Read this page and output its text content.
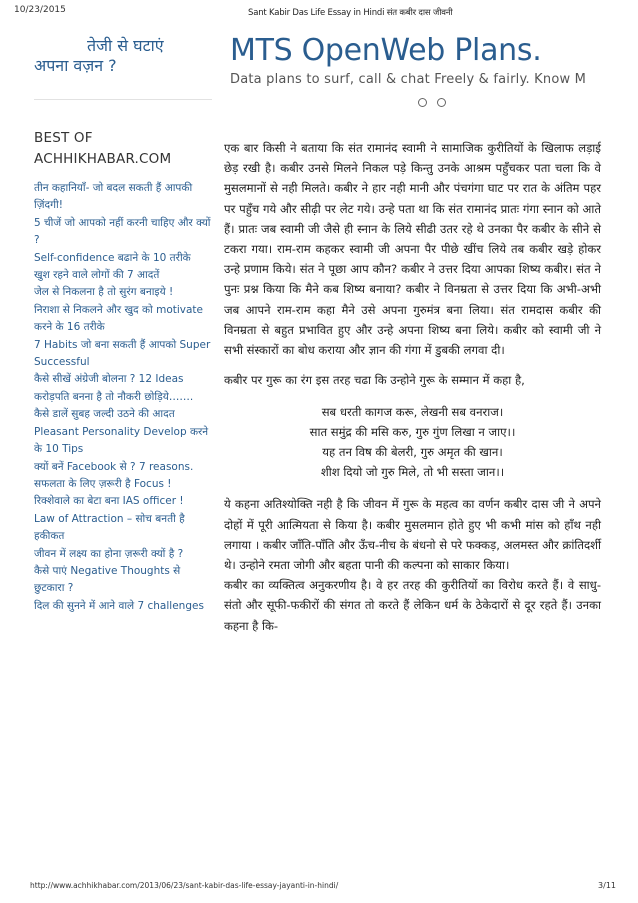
10/23/2015	Sant Kabir Das Life Essay in Hindi संत कबीर दास जीवनी
तेजी से घटाएं
अपना वज़न ?	MTS OpenWeb Plans.
Data plans to surf, call & chat Freely & fairly. Know M
BEST OF
ACHHIKHABAR.COM
तीन कहानियाँ- जो बदल सकती हैं आपकी ज़िंदगी!
5 चीजें जो आपको नहीं करनी चाहिए और क्यों ?
Self-confidence बढाने के 10 तरीके
खुश रहने वाले लोगों की 7 आदतें
जेल से निकलना है तो सुरंग बनाइये !
निराशा से निकलने और खुद को motivate करने के 16 तरीके
7 Habits जो बना सकती हैं आपको Super Successful
कैसे सीखें अंग्रेजी बोलना ? 12 Ideas
करोड़पति बनना है तो नौकरी छोड़िये…….
कैसे डालें सुबह जल्दी उठने की आदत
Pleasant Personality Develop करने के 10 Tips
क्यों बनें Facebook से ? 7 reasons.
सफलता के लिए ज़रूरी है Focus !
रिक्शेवाले का बेटा बना IAS officer !
Law of Attraction – सोच बनती है हकीकत
जीवन में लक्ष्य का होना ज़रूरी क्यों है ?
कैसे पाएं Negative Thoughts से छुटकारा ?
दिल की सुनने में आने वाले 7 challenges

एक बार किसी ने बताया कि संत रामानंद स्वामी ने सामाजिक कुरीतियों के खिलाफ लड़ाई छेड़ रखी है। कबीर उनसे मिलने निकल पड़े किन्तु उनके आश्रम पहुँचकर पता चला कि वे मुसलमानों से नही मिलते। कबीर ने हार नही मानी और पंचगंगा घाट पर रात के अंतिम पहर पर पहुँच गये और सीढ़ी पर लेट गये। उन्हे पता था कि संत रामानंद प्रातः गंगा स्नान को आते हैं। प्रातः जब स्वामी जी जैसे ही स्नान के लिये सीढी उतर रहे थे उनका पैर कबीर के सीने से टकरा गया। राम-राम कहकर स्वामी जी अपना पैर पीछे खींच लिये तब कबीर खड़े होकर उन्हे प्रणाम किये। संत ने पूछा आप कौन? कबीर ने उत्तर दिया आपका शिष्य कबीर। संत ने पुनः प्रश्न किया कि मैने कब शिष्य बनाया? कबीर ने विनम्रता से उत्तर दिया कि अभी-अभी जब आपने राम-राम कहा मैने उसे अपना गुरुमंत्र बना लिया। संत रामदास कबीर की विनम्रता से बहुत प्रभावित हुए और उन्हे अपना शिष्य बना लिये। कबीर को स्वामी जी ने सभी संस्कारों का बोध कराया और ज्ञान की गंगा में डुबकी लगवा दी।

कबीर पर गुरू का रंग इस तरह चढा कि उन्होने गुरू के सम्मान में कहा है,

सब धरती कागज करू, लेखनी सब वनराज।
सात समुंद्र की मसि करु, गुरु गुंण लिखा न जाए।।
यह तन विष की बेलरी, गुरु अमृत की खान।
शीश दियो जो गुरु मिले, तो भी सस्ता जान।।

ये कहना अतिश्योक्ति नही है कि जीवन में गुरू के महत्व का वर्णन कबीर दास जी ने अपने दोहों में पूरी आत्मियता से किया है। कबीर मुसलमान होते हुए भी कभी मांस को हाँथ नही लगाया । कबीर जाँति-पाँति और ऊँच-नीच के बंधनो से परे फक्कड़, अलमस्त और क्रांतिदर्शी थे। उन्होने रमता जोगी और बहता पानी की कल्पना को साकार किया।

कबीर का व्यक्तित्व अनुकरणीय है। वे हर तरह की कुरीतियों का विरोध करते हैं। वे साधु-संतो और सूफी-फकीरों की संगत तो करते हैं लेकिन धर्म के ठेकेदारों से दूर रहते हैं। उनका कहना है कि-

http://www.achhikhabar.com/2013/06/23/sant-kabir-das-life-essay-jayanti-in-hindi/	3/11
